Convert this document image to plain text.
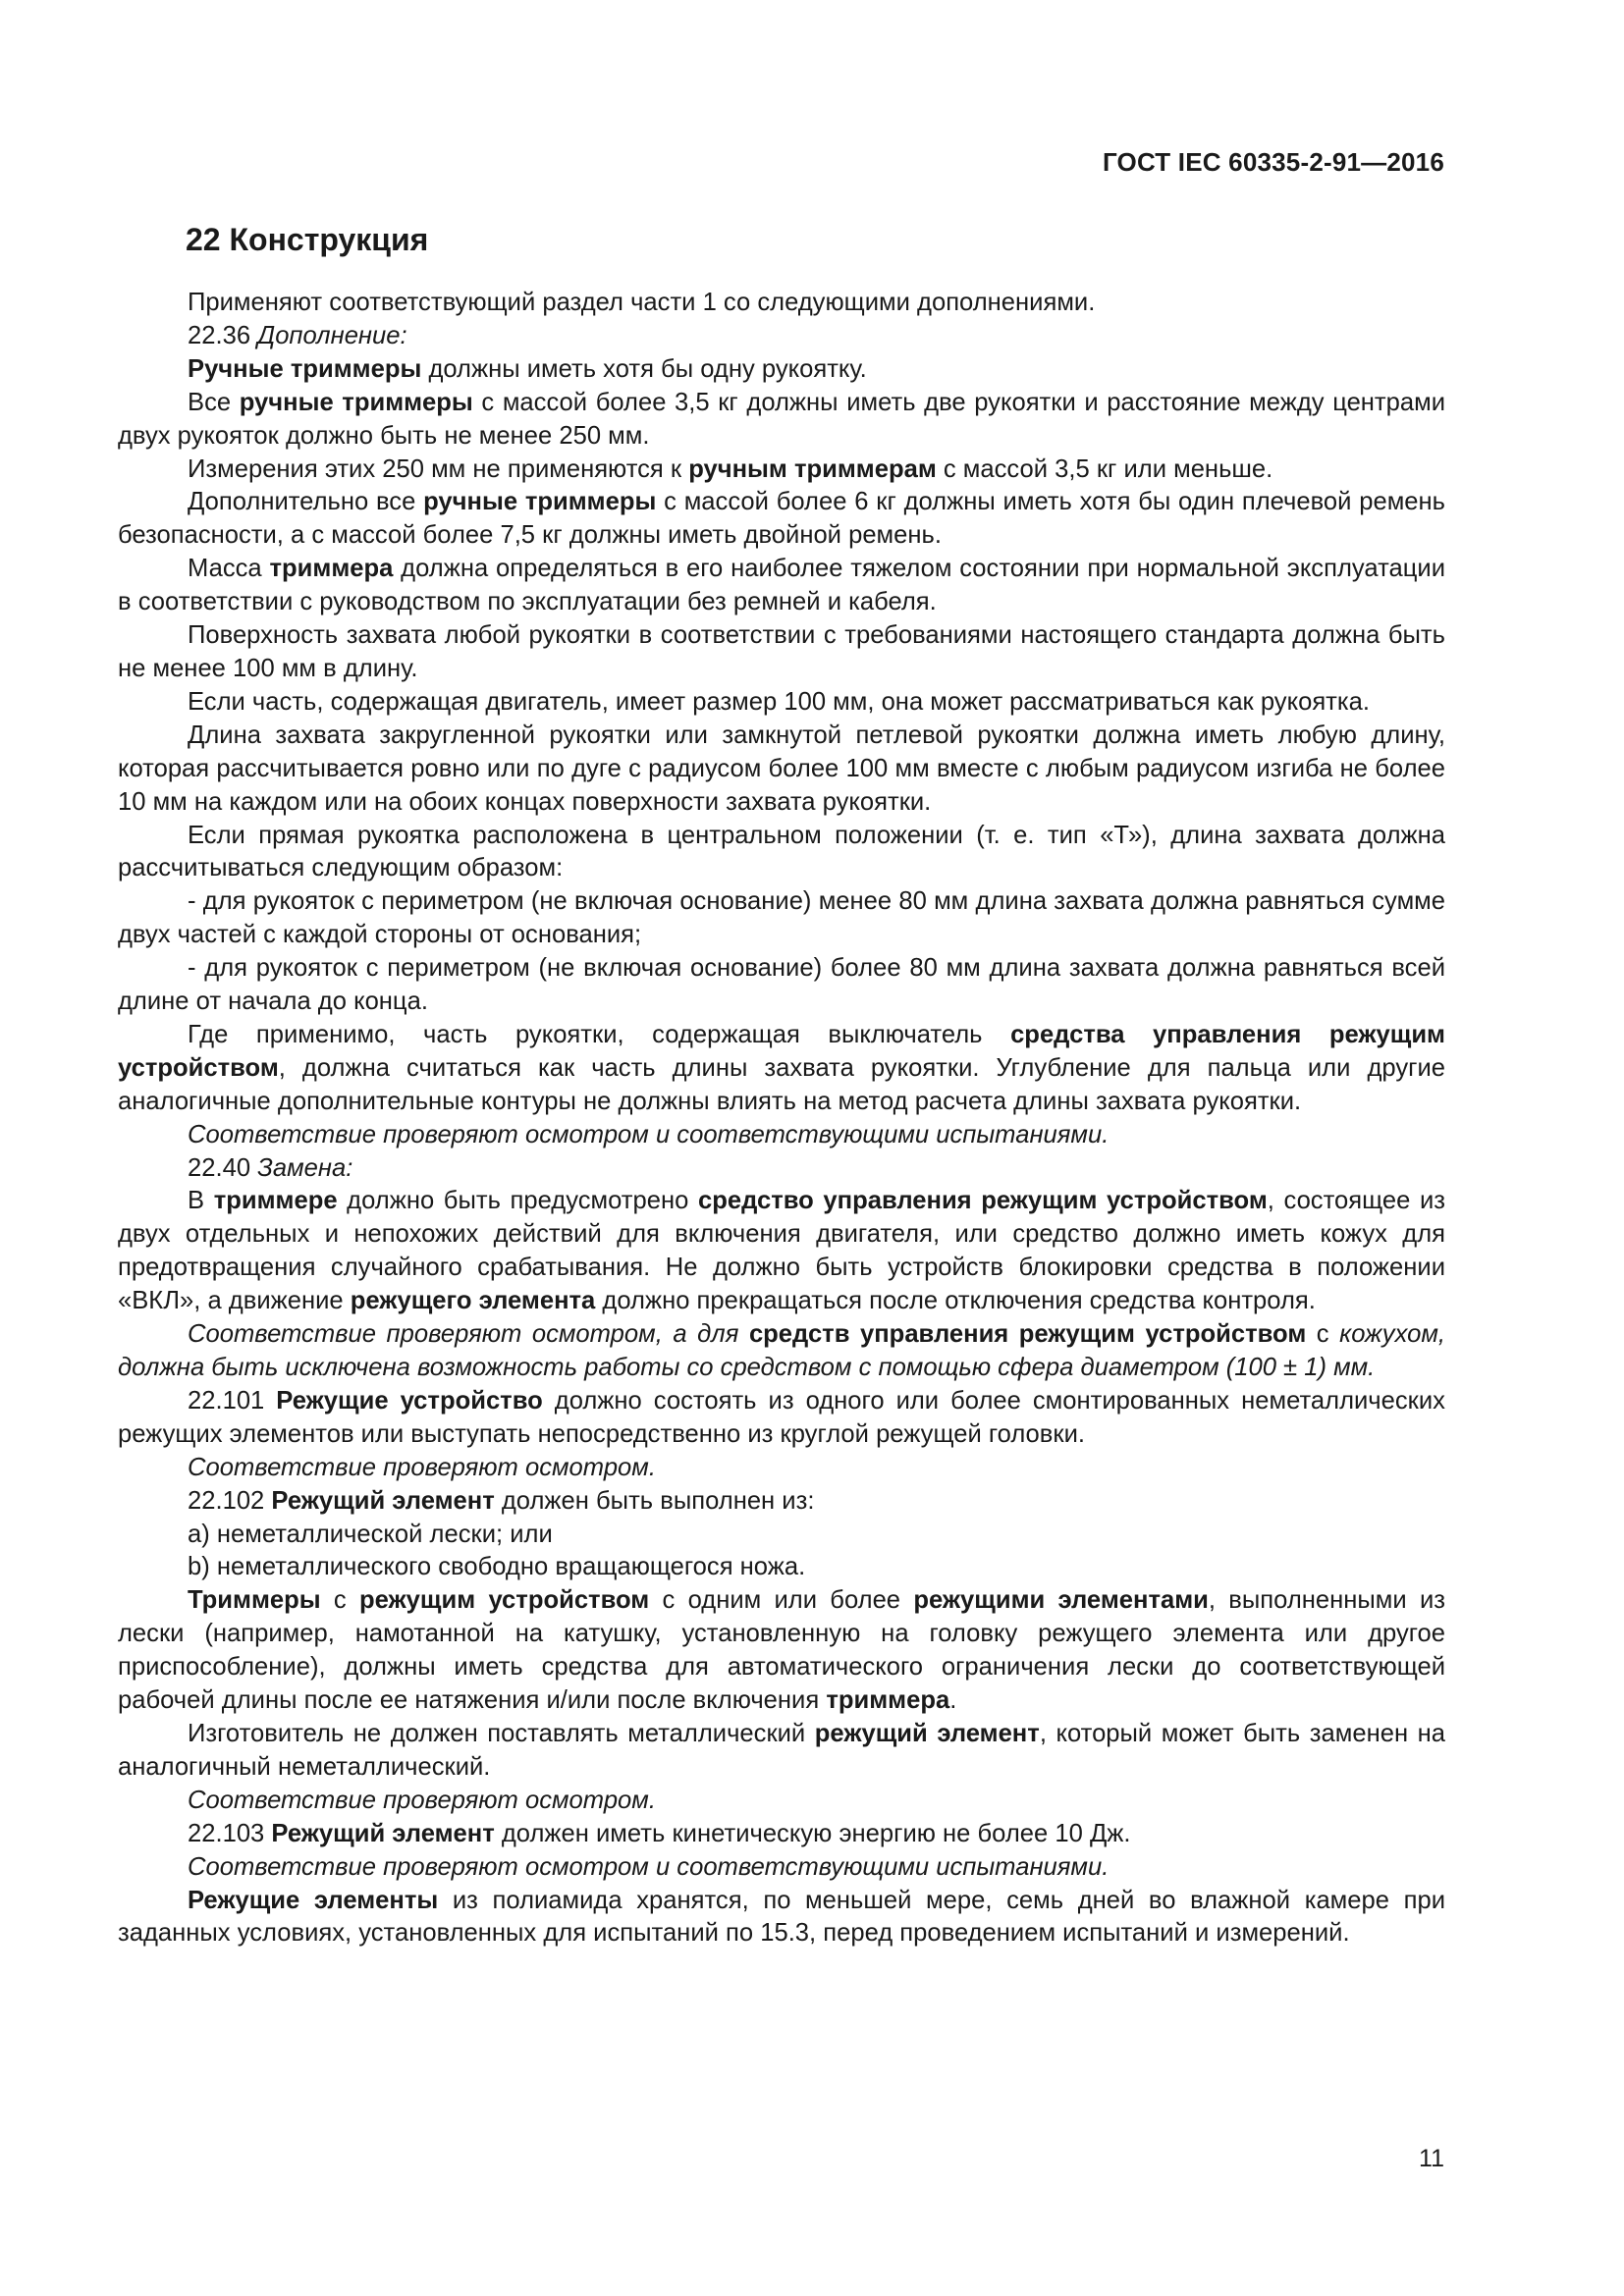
ГОСТ IEC 60335-2-91—2016
22 Конструкция

Применяют соответствующий раздел части 1 со следующими дополнениями.

22.36 Дополнение:

Ручные триммеры должны иметь хотя бы одну рукоятку.

Все ручные триммеры с массой более 3,5 кг должны иметь две рукоятки и расстояние между центрами двух рукояток должно быть не менее 250 мм.

Измерения этих 250 мм не применяются к ручным триммерам с массой 3,5 кг или меньше.

Дополнительно все ручные триммеры с массой более 6 кг должны иметь хотя бы один плечевой ремень безопасности, а с массой более 7,5 кг должны иметь двойной ремень.

Масса триммера должна определяться в его наиболее тяжелом состоянии при нормальной эксплуатации в соответствии с руководством по эксплуатации без ремней и кабеля.

Поверхность захвата любой рукоятки в соответствии с требованиями настоящего стандарта должна быть не менее 100 мм в длину.

Если часть, содержащая двигатель, имеет размер 100 мм, она может рассматриваться как рукоятка.

Длина захвата закругленной рукоятки или замкнутой петлевой рукоятки должна иметь любую длину, которая рассчитывается ровно или по дуге с радиусом более 100 мм вместе с любым радиусом изгиба не более 10 мм на каждом или на обоих концах поверхности захвата рукоятки.

Если прямая рукоятка расположена в центральном положении (т. е. тип «Т»), длина захвата должна рассчитываться следующим образом:

- для рукояток с периметром (не включая основание) менее 80 мм длина захвата должна равняться сумме двух частей с каждой стороны от основания;

- для рукояток с периметром (не включая основание) более 80 мм длина захвата должна равняться всей длине от начала до конца.

Где применимо, часть рукоятки, содержащая выключатель средства управления режущим устройством, должна считаться как часть длины захвата рукоятки. Углубление для пальца или другие аналогичные дополнительные контуры не должны влиять на метод расчета длины захвата рукоятки.

Соответствие проверяют осмотром и соответствующими испытаниями.

22.40 Замена:

В триммере должно быть предусмотрено средство управления режущим устройством, состоящее из двух отдельных и непохожих действий для включения двигателя, или средство должно иметь кожух для предотвращения случайного срабатывания. Не должно быть устройств блокировки средства в положении «ВКЛ», а движение режущего элемента должно прекращаться после отключения средства контроля.

Соответствие проверяют осмотром, а для средств управления режущим устройством с кожухом, должна быть исключена возможность работы со средством с помощью сфера диаметром (100 ± 1) мм.

22.101 Режущие устройство должно состоять из одного или более смонтированных неметаллических режущих элементов или выступать непосредственно из круглой режущей головки.

Соответствие проверяют осмотром.

22.102 Режущий элемент должен быть выполнен из:

a) неметаллической лески; или

b) неметаллического свободно вращающегося ножа.

Триммеры с режущим устройством с одним или более режущими элементами, выполненными из лески (например, намотанной на катушку, установленную на головку режущего элемента или другое приспособление), должны иметь средства для автоматического ограничения лески до соответствующей рабочей длины после ее натяжения и/или после включения триммера.

Изготовитель не должен поставлять металлический режущий элемент, который может быть заменен на аналогичный неметаллический.

Соответствие проверяют осмотром.

22.103 Режущий элемент должен иметь кинетическую энергию не более 10 Дж.

Соответствие проверяют осмотром и соответствующими испытаниями.

Режущие элементы из полиамида хранятся, по меньшей мере, семь дней во влажной камере при заданных условиях, установленных для испытаний по 15.3, перед проведением испытаний и измерений.

11
